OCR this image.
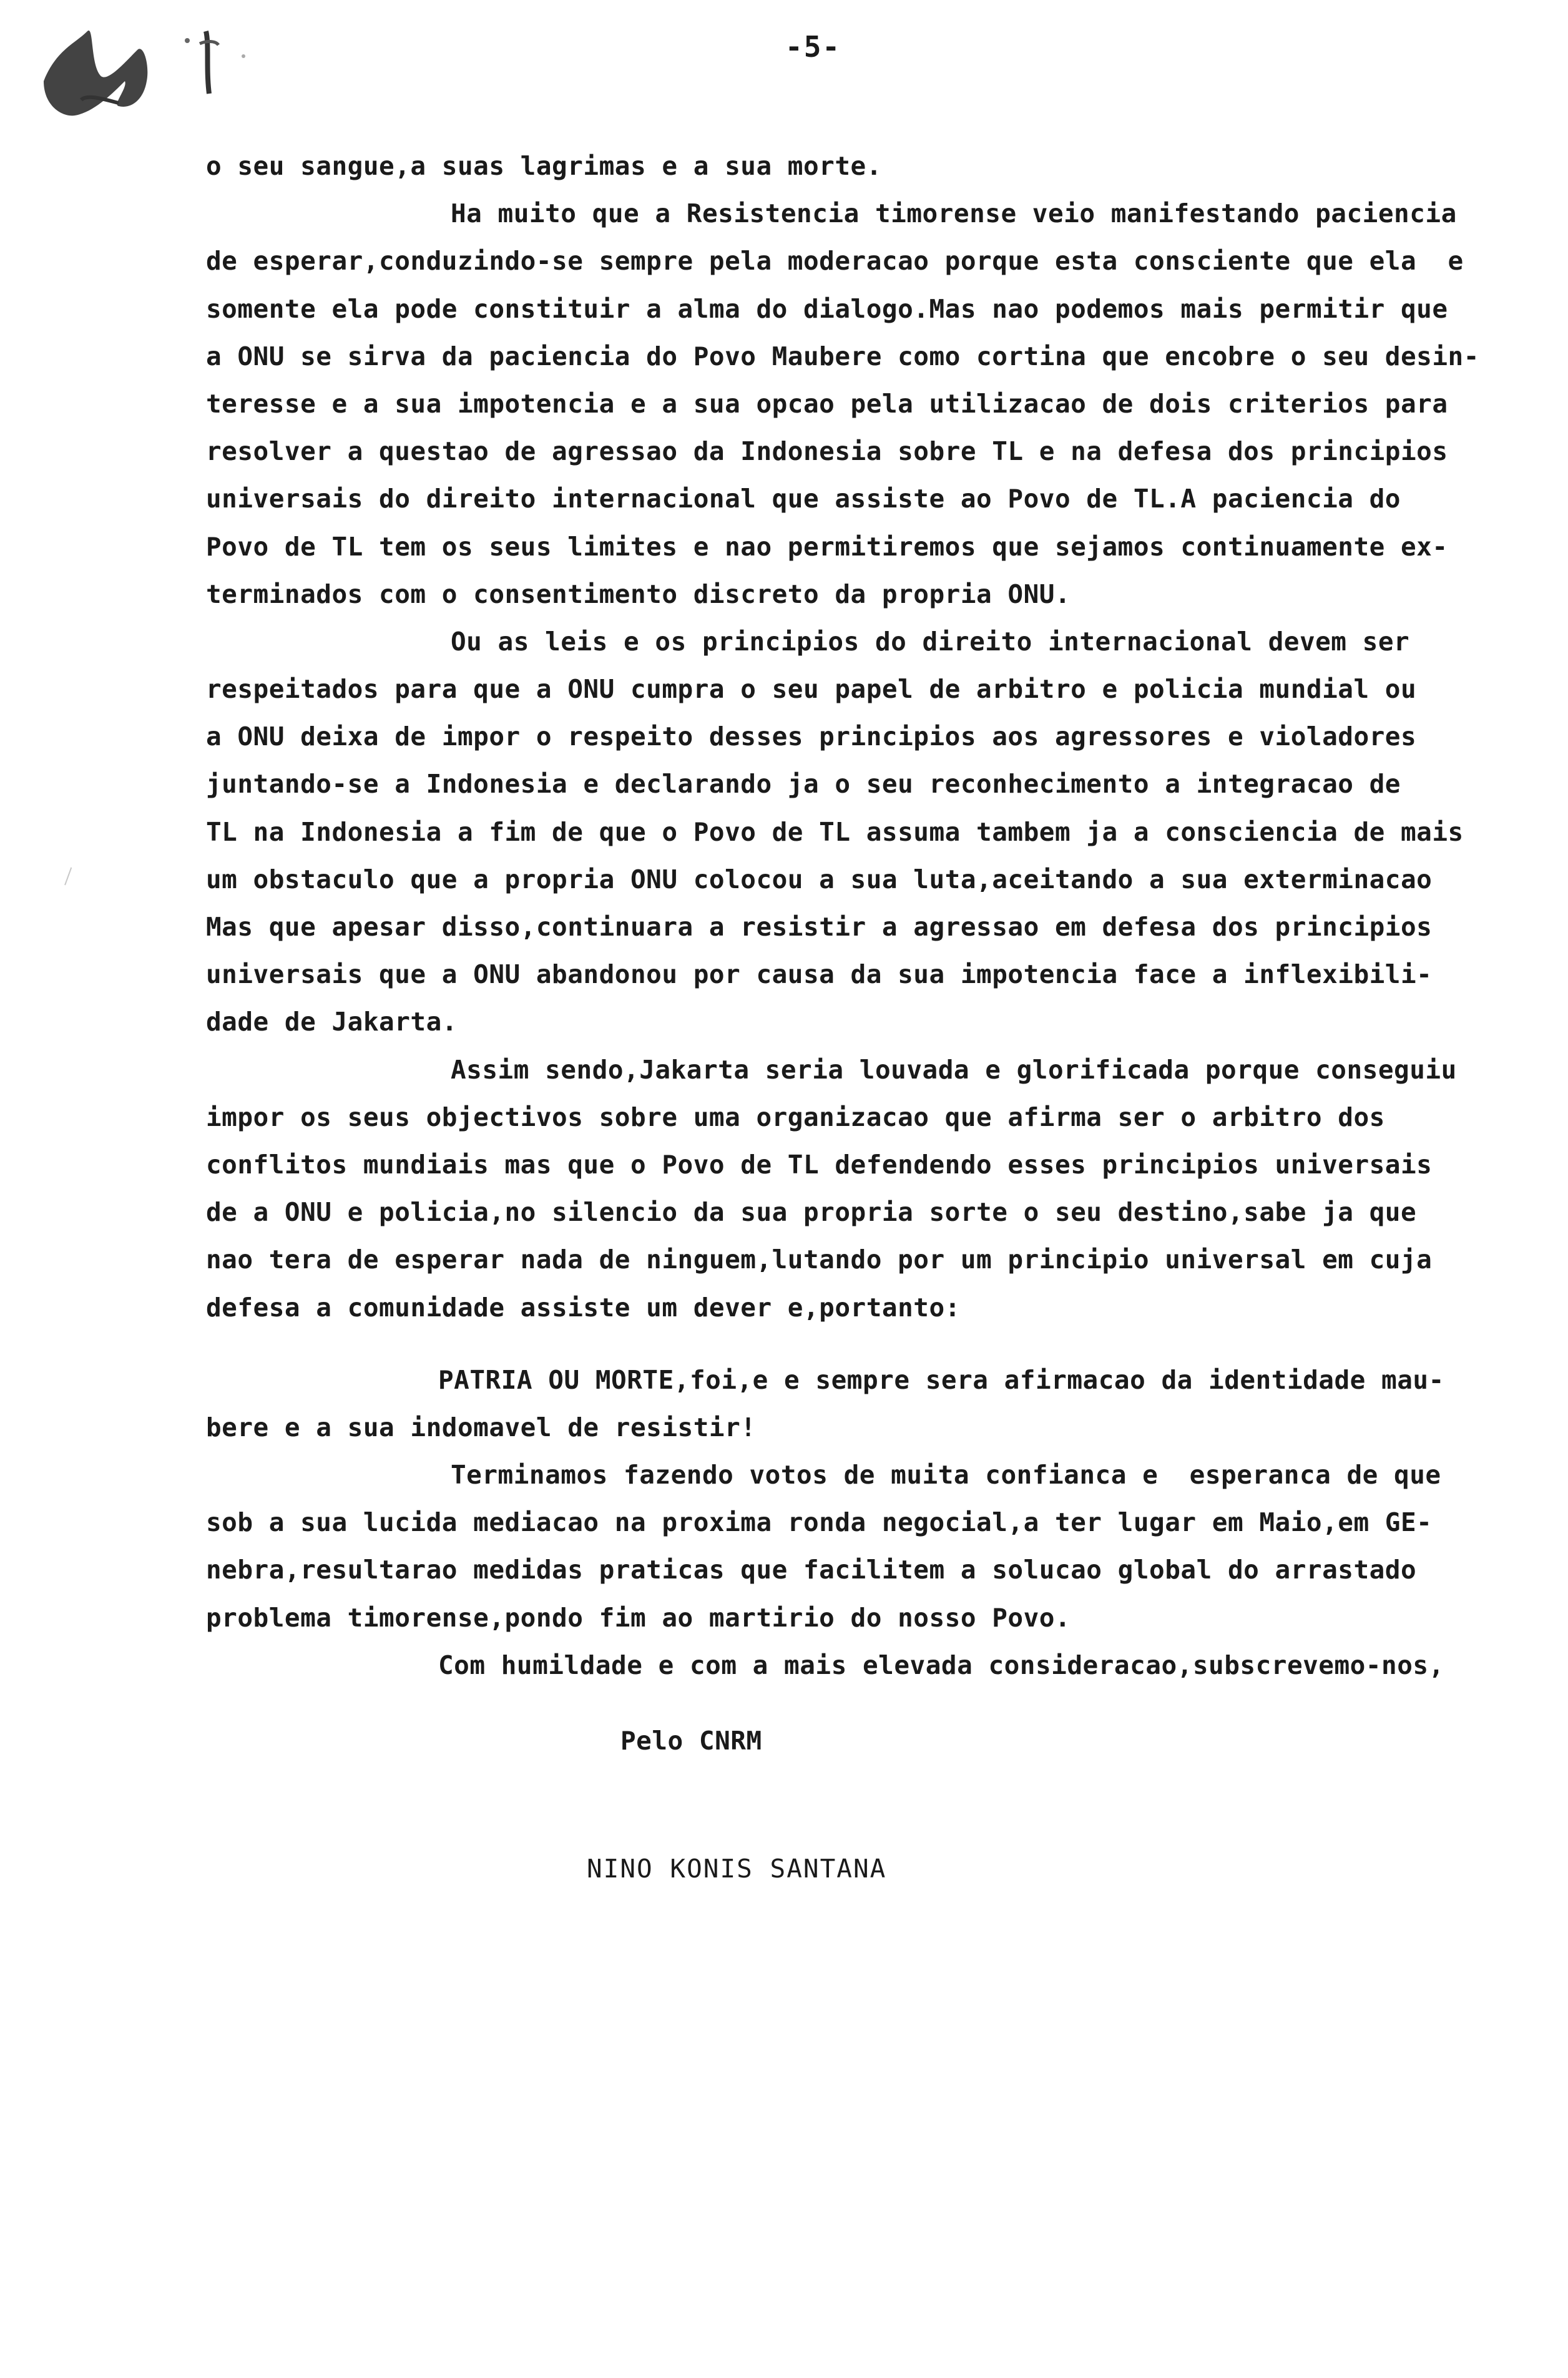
-5-
o seu sangue,a suas lagrimas e a sua morte.
Ha muito que a Resistencia timorense veio manifestando paciencia
de esperar,conduzindo-se sempre pela moderacao porque esta consciente que ela  e
somente ela pode constituir a alma do dialogo.Mas nao podemos mais permitir que
a ONU se sirva da paciencia do Povo Maubere como cortina que encobre o seu desin-
teresse e a sua impotencia e a sua opcao pela utilizacao de dois criterios para
resolver a questao de agressao da Indonesia sobre TL e na defesa dos principios
universais do direito internacional que assiste ao Povo de TL.A paciencia do
Povo de TL tem os seus limites e nao permitiremos que sejamos continuamente ex-
terminados com o consentimento discreto da propria ONU.
Ou as leis e os principios do direito internacional devem ser
respeitados para que a ONU cumpra o seu papel de arbitro e policia mundial ou
a ONU deixa de impor o respeito desses principios aos agressores e violadores
juntando-se a Indonesia e declarando ja o seu reconhecimento a integracao de
TL na Indonesia a fim de que o Povo de TL assuma tambem ja a consciencia de mais
um obstaculo que a propria ONU colocou a sua luta,aceitando a sua exterminacao
Mas que apesar disso,continuara a resistir a agressao em defesa dos principios
universais que a ONU abandonou por causa da sua impotencia face a inflexibili-
dade de Jakarta.
Assim sendo,Jakarta seria louvada e glorificada porque conseguiu
impor os seus objectivos sobre uma organizacao que afirma ser o arbitro dos
conflitos mundiais mas que o Povo de TL defendendo esses principios universais
de a ONU e policia,no silencio da sua propria sorte o seu destino,sabe ja que
nao tera de esperar nada de ninguem,lutando por um principio universal em cuja
defesa a comunidade assiste um dever e,portanto:
PATRIA OU MORTE,foi,e e sempre sera afirmacao da identidade mau-
bere e a sua indomavel de resistir!
Terminamos fazendo votos de muita confianca e  esperanca de que
sob a sua lucida mediacao na proxima ronda negocial,a ter lugar em Maio,em GE-
nebra,resultarao medidas praticas que facilitem a solucao global do arrastado
problema timorense,pondo fim ao martirio do nosso Povo.
Com humildade e com a mais elevada consideracao,subscrevemo-nos,
Pelo CNRM
NINO KONIS SANTANA
